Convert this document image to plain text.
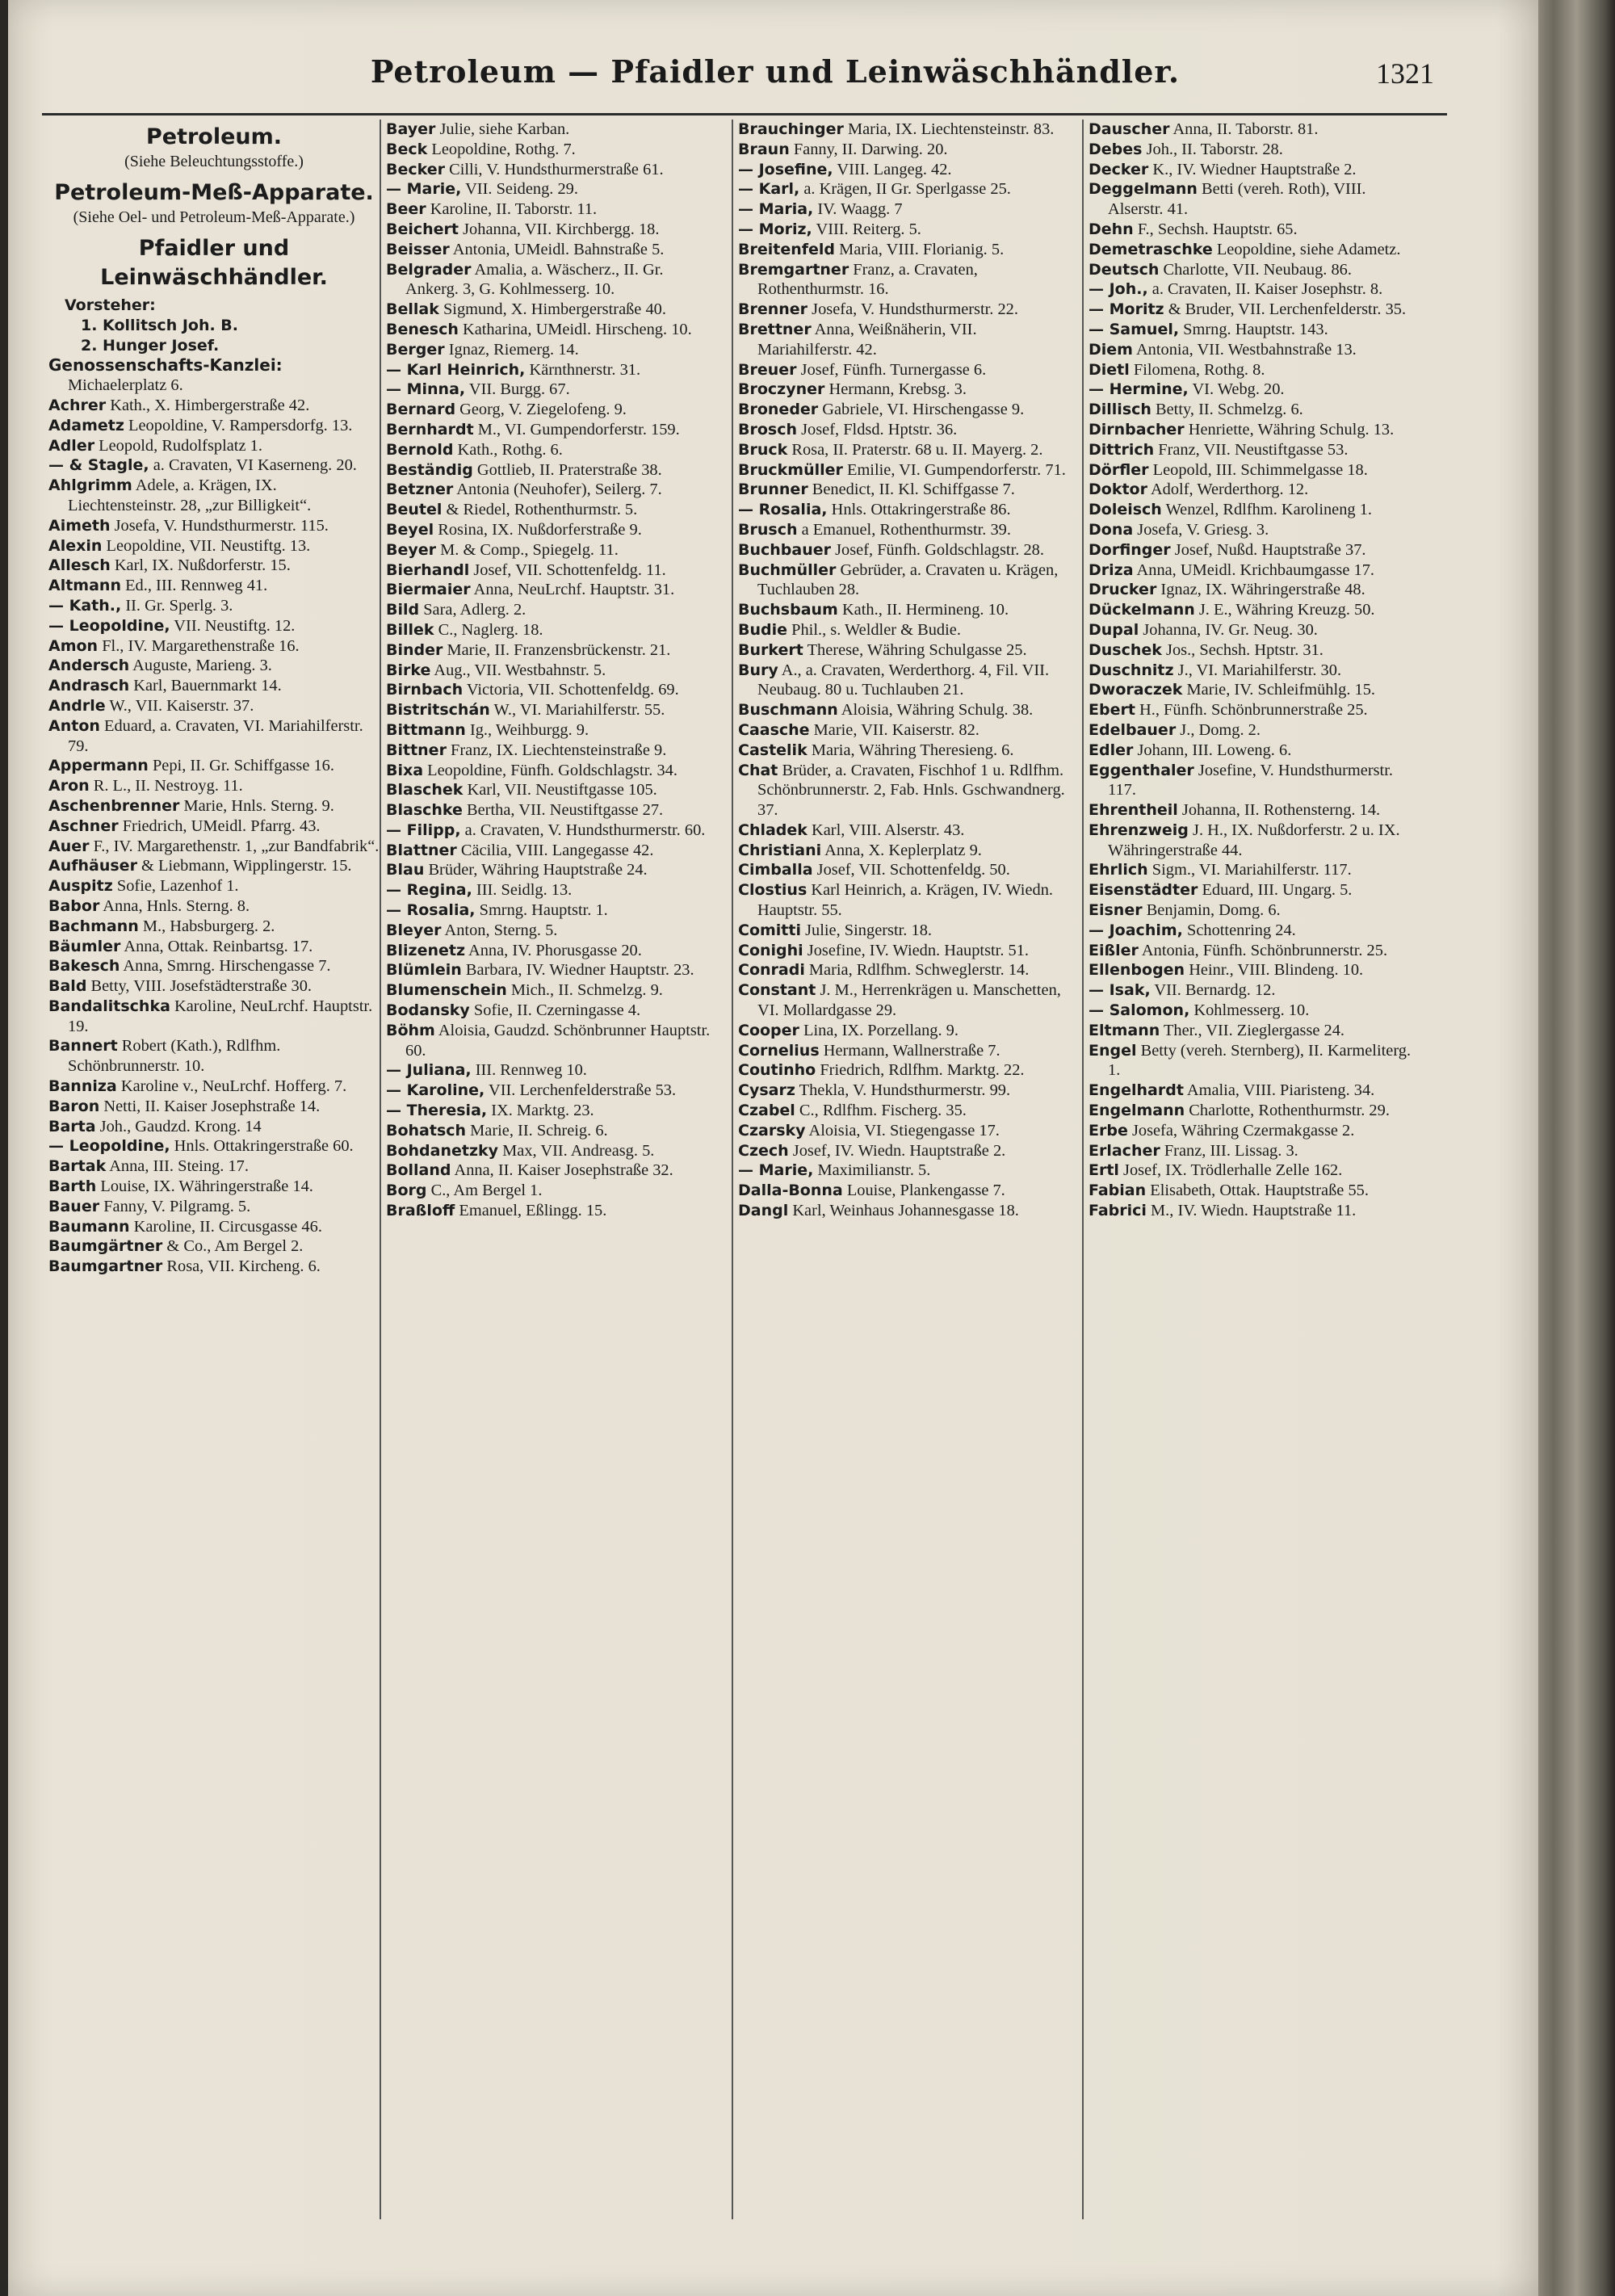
Petroleum — Pfaidler und Leinwäschhändler.	1321
Petroleum.
(Siehe Beleuchtungsstoffe.)
Petroleum-Meß-Apparate.
(Siehe Oel- und Petroleum-Meß-Apparate.)
Pfaidler und Leinwäschhändler.
Vorsteher:
1. Kollitsch Joh. B.
2. Hunger Josef.
Genossenschafts-Kanzlei:
Michaelerplatz 6.
Achrer Kath., X. Himbergerstraße 42.
Adametz Leopoldine, V. Rampersdorfg. 13.
Adler Leopold, Rudolfsplatz 1.
— & Stagle, a. Cravaten, VI Kaserneng. 20.
Ahlgrimm Adele, a. Krägen, IX. Liechtensteinstr. 28, „zur Billigkeit“.
Aimeth Josefa, V. Hundsthurmerstr. 115.
Alexin Leopoldine, VII. Neustiftg. 13.
Allesch Karl, IX. Nußdorferstr. 15.
Altmann Ed., III. Rennweg 41.
— Kath., II. Gr. Sperlg. 3.
— Leopoldine, VII. Neustiftg. 12.
Amon Fl., IV. Margarethenstraße 16.
Andersch Auguste, Marieng. 3.
Andrasch Karl, Bauernmarkt 14.
Andrle W., VII. Kaiserstr. 37.
Anton Eduard, a. Cravaten, VI. Mariahilferstr. 79.
Appermann Pepi, II. Gr. Schiffgasse 16.
Aron R. L., II. Nestroyg. 11.
Aschenbrenner Marie, Hnls. Sterng. 9.
Aschner Friedrich, UMeidl. Pfarrg. 43.
Auer F., IV. Margarethenstr. 1, „zur Bandfabrik“.
Aufhäuser & Liebmann, Wipplingerstr. 15.
Auspitz Sofie, Lazenhof 1.
Babor Anna, Hnls. Sterng. 8.
Bachmann M., Habsburgerg. 2.
Bäumler Anna, Ottak. Reinbartsg. 17.
Bakesch Anna, Smrng. Hirschengasse 7.
Bald Betty, VIII. Josefstädterstraße 30.
Bandalitschka Karoline, NeuLrchf. Hauptstr. 19.
Bannert Robert (Kath.), Rdlfhm. Schönbrunnerstr. 10.
Banniza Karoline v., NeuLrchf. Hofferg. 7.
Baron Netti, II. Kaiser Josephstraße 14.
Barta Joh., Gaudzd. Krong. 14
— Leopoldine, Hnls. Ottakringerstraße 60.
Bartak Anna, III. Steing. 17.
Barth Louise, IX. Währingerstraße 14.
Bauer Fanny, V. Pilgramg. 5.
Baumann Karoline, II. Circusgasse 46.
Baumgärtner & Co., Am Bergel 2.
Baumgartner Rosa, VII. Kircheng. 6.
Bayer Julie, siehe Karban.
Beck Leopoldine, Rothg. 7.
Becker Cilli, V. Hundsthurmerstraße 61.
— Marie, VII. Seideng. 29.
Beer Karoline, II. Taborstr. 11.
Beichert Johanna, VII. Kirchbergg. 18.
Beisser Antonia, UMeidl. Bahnstraße 5.
Belgrader Amalia, a. Wäscherz., II. Gr. Ankerg. 3, G. Kohlmesserg. 10.
Bellak Sigmund, X. Himbergerstraße 40.
Benesch Katharina, UMeidl. Hirscheng. 10.
Berger Ignaz, Riemerg. 14.
— Karl Heinrich, Kärnthnerstr. 31.
— Minna, VII. Burgg. 67.
Bernard Georg, V. Ziegelofeng. 9.
Bernhardt M., VI. Gumpendorferstr. 159.
Bernold Kath., Rothg. 6.
Beständig Gottlieb, II. Praterstraße 38.
Betzner Antonia (Neuhofer), Seilerg. 7.
Beutel & Riedel, Rothenthurmstr. 5.
Beyel Rosina, IX. Nußdorferstraße 9.
Beyer M. & Comp., Spiegelg. 11.
Bierhandl Josef, VII. Schottenfeldg. 11.
Biermaier Anna, NeuLrchf. Hauptstr. 31.
Bild Sara, Adlerg. 2.
Billek C., Naglerg. 18.
Binder Marie, II. Franzensbrückenstr. 21.
Birke Aug., VII. Westbahnstr. 5.
Birnbach Victoria, VII. Schottenfeldg. 69.
Bistritschán W., VI. Mariahilferstr. 55.
Bittmann Ig., Weihburgg. 9.
Bittner Franz, IX. Liechtensteinstraße 9.
Bixa Leopoldine, Fünfh. Goldschlagstr. 34.
Blaschek Karl, VII. Neustiftgasse 105.
Blaschke Bertha, VII. Neustiftgasse 27.
— Filipp, a. Cravaten, V. Hundsthurmerstr. 60.
Blattner Cäcilia, VIII. Langegasse 42.
Blau Brüder, Währing Hauptstraße 24.
— Regina, III. Seidlg. 13.
— Rosalia, Smrng. Hauptstr. 1.
Bleyer Anton, Sterng. 5.
Blizenetz Anna, IV. Phorusgasse 20.
Blümlein Barbara, IV. Wiedner Hauptstr. 23.
Blumenschein Mich., II. Schmelzg. 9.
Bodansky Sofie, II. Czerningasse 4.
Böhm Aloisia, Gaudzd. Schönbrunner Hauptstr. 60.
— Juliana, III. Rennweg 10.
— Karoline, VII. Lerchenfelderstraße 53.
— Theresia, IX. Marktg. 23.
Bohatsch Marie, II. Schreig. 6.
Bohdanetzky Max, VII. Andreasg. 5.
Bolland Anna, II. Kaiser Josephstraße 32.
Borg C., Am Bergel 1.
Braßloff Emanuel, Eßlingg. 15.
Brauchinger Maria, IX. Liechtensteinstr. 83.
Braun Fanny, II. Darwing. 20.
— Josefine, VIII. Langeg. 42.
— Karl, a. Krägen, II Gr. Sperlgasse 25.
— Maria, IV. Waagg. 7
— Moriz, VIII. Reiterg. 5.
Breitenfeld Maria, VIII. Florianig. 5.
Bremgartner Franz, a. Cravaten, Rothenthurmstr. 16.
Brenner Josefa, V. Hundsthurmerstr. 22.
Brettner Anna, Weißnäherin, VII. Mariahilferstr. 42.
Breuer Josef, Fünfh. Turnergasse 6.
Broczyner Hermann, Krebsg. 3.
Broneder Gabriele, VI. Hirschengasse 9.
Brosch Josef, Fldsd. Hptstr. 36.
Bruck Rosa, II. Praterstr. 68 u. II. Mayerg. 2.
Bruckmüller Emilie, VI. Gumpendorferstr. 71.
Brunner Benedict, II. Kl. Schiffgasse 7.
— Rosalia, Hnls. Ottakringerstraße 86.
Brusch a Emanuel, Rothenthurmstr. 39.
Buchbauer Josef, Fünfh. Goldschlagstr. 28.
Buchmüller Gebrüder, a. Cravaten u. Krägen, Tuchlauben 28.
Buchsbaum Kath., II. Hermineng. 10.
Budie Phil., s. Weldler & Budie.
Burkert Therese, Währing Schulgasse 25.
Bury A., a. Cravaten, Werderthorg. 4, Fil. VII. Neubaug. 80 u. Tuchlauben 21.
Buschmann Aloisia, Währing Schulg. 38.
Caasche Marie, VII. Kaiserstr. 82.
Castelik Maria, Währing Theresieng. 6.
Chat Brüder, a. Cravaten, Fischhof 1 u. Rdlfhm. Schönbrunnerstr. 2, Fab. Hnls. Gschwandnerg. 37.
Chladek Karl, VIII. Alserstr. 43.
Christiani Anna, X. Keplerplatz 9.
Cimballa Josef, VII. Schottenfeldg. 50.
Clostius Karl Heinrich, a. Krägen, IV. Wiedn. Hauptstr. 55.
Comitti Julie, Singerstr. 18.
Conighi Josefine, IV. Wiedn. Hauptstr. 51.
Conradi Maria, Rdlfhm. Schweglerstr. 14.
Constant J. M., Herrenkrägen u. Manschetten, VI. Mollardgasse 29.
Cooper Lina, IX. Porzellang. 9.
Cornelius Hermann, Wallnerstraße 7.
Coutinho Friedrich, Rdlfhm. Marktg. 22.
Cysarz Thekla, V. Hundsthurmerstr. 99.
Czabel C., Rdlfhm. Fischerg. 35.
Czarsky Aloisia, VI. Stiegengasse 17.
Czech Josef, IV. Wiedn. Hauptstraße 2.
— Marie, Maximilianstr. 5.
Dalla-Bonna Louise, Plankengasse 7.
Dangl Karl, Weinhaus Johannesgasse 18.
Dauscher Anna, II. Taborstr. 81.
Debes Joh., II. Taborstr. 28.
Decker K., IV. Wiedner Hauptstraße 2.
Deggelmann Betti (vereh. Roth), VIII. Alserstr. 41.
Dehn F., Sechsh. Hauptstr. 65.
Demetraschke Leopoldine, siehe Adametz.
Deutsch Charlotte, VII. Neubaug. 86.
— Joh., a. Cravaten, II. Kaiser Josephstr. 8.
— Moritz & Bruder, VII. Lerchenfelderstr. 35.
— Samuel, Smrng. Hauptstr. 143.
Diem Antonia, VII. Westbahnstraße 13.
Dietl Filomena, Rothg. 8.
— Hermine, VI. Webg. 20.
Dillisch Betty, II. Schmelzg. 6.
Dirnbacher Henriette, Währing Schulg. 13.
Dittrich Franz, VII. Neustiftgasse 53.
Dörfler Leopold, III. Schimmelgasse 18.
Doktor Adolf, Werderthorg. 12.
Doleisch Wenzel, Rdlfhm. Karolineng 1.
Dona Josefa, V. Griesg. 3.
Dorfinger Josef, Nußd. Hauptstraße 37.
Driza Anna, UMeidl. Krichbaumgasse 17.
Drucker Ignaz, IX. Währingerstraße 48.
Dückelmann J. E., Währing Kreuzg. 50.
Dupal Johanna, IV. Gr. Neug. 30.
Duschek Jos., Sechsh. Hptstr. 31.
Duschnitz J., VI. Mariahilferstr. 30.
Dworaczek Marie, IV. Schleifmühlg. 15.
Ebert H., Fünfh. Schönbrunnerstraße 25.
Edelbauer J., Domg. 2.
Edler Johann, III. Loweng. 6.
Eggenthaler Josefine, V. Hundsthurmerstr. 117.
Ehrentheil Johanna, II. Rothensterng. 14.
Ehrenzweig J. H., IX. Nußdorferstr. 2 u. IX. Währingerstraße 44.
Ehrlich Sigm., VI. Mariahilferstr. 117.
Eisenstädter Eduard, III. Ungarg. 5.
Eisner Benjamin, Domg. 6.
— Joachim, Schottenring 24.
Eißler Antonia, Fünfh. Schönbrunnerstr. 25.
Ellenbogen Heinr., VIII. Blindeng. 10.
— Isak, VII. Bernardg. 12.
— Salomon, Kohlmesserg. 10.
Eltmann Ther., VII. Zieglergasse 24.
Engel Betty (vereh. Sternberg), II. Karmeliterg. 1.
Engelhardt Amalia, VIII. Piaristeng. 34.
Engelmann Charlotte, Rothenthurmstr. 29.
Erbe Josefa, Währing Czermakgasse 2.
Erlacher Franz, III. Lissag. 3.
Ertl Josef, IX. Trödlerhalle Zelle 162.
Fabian Elisabeth, Ottak. Hauptstraße 55.
Fabrici M., IV. Wiedn. Hauptstraße 11.
